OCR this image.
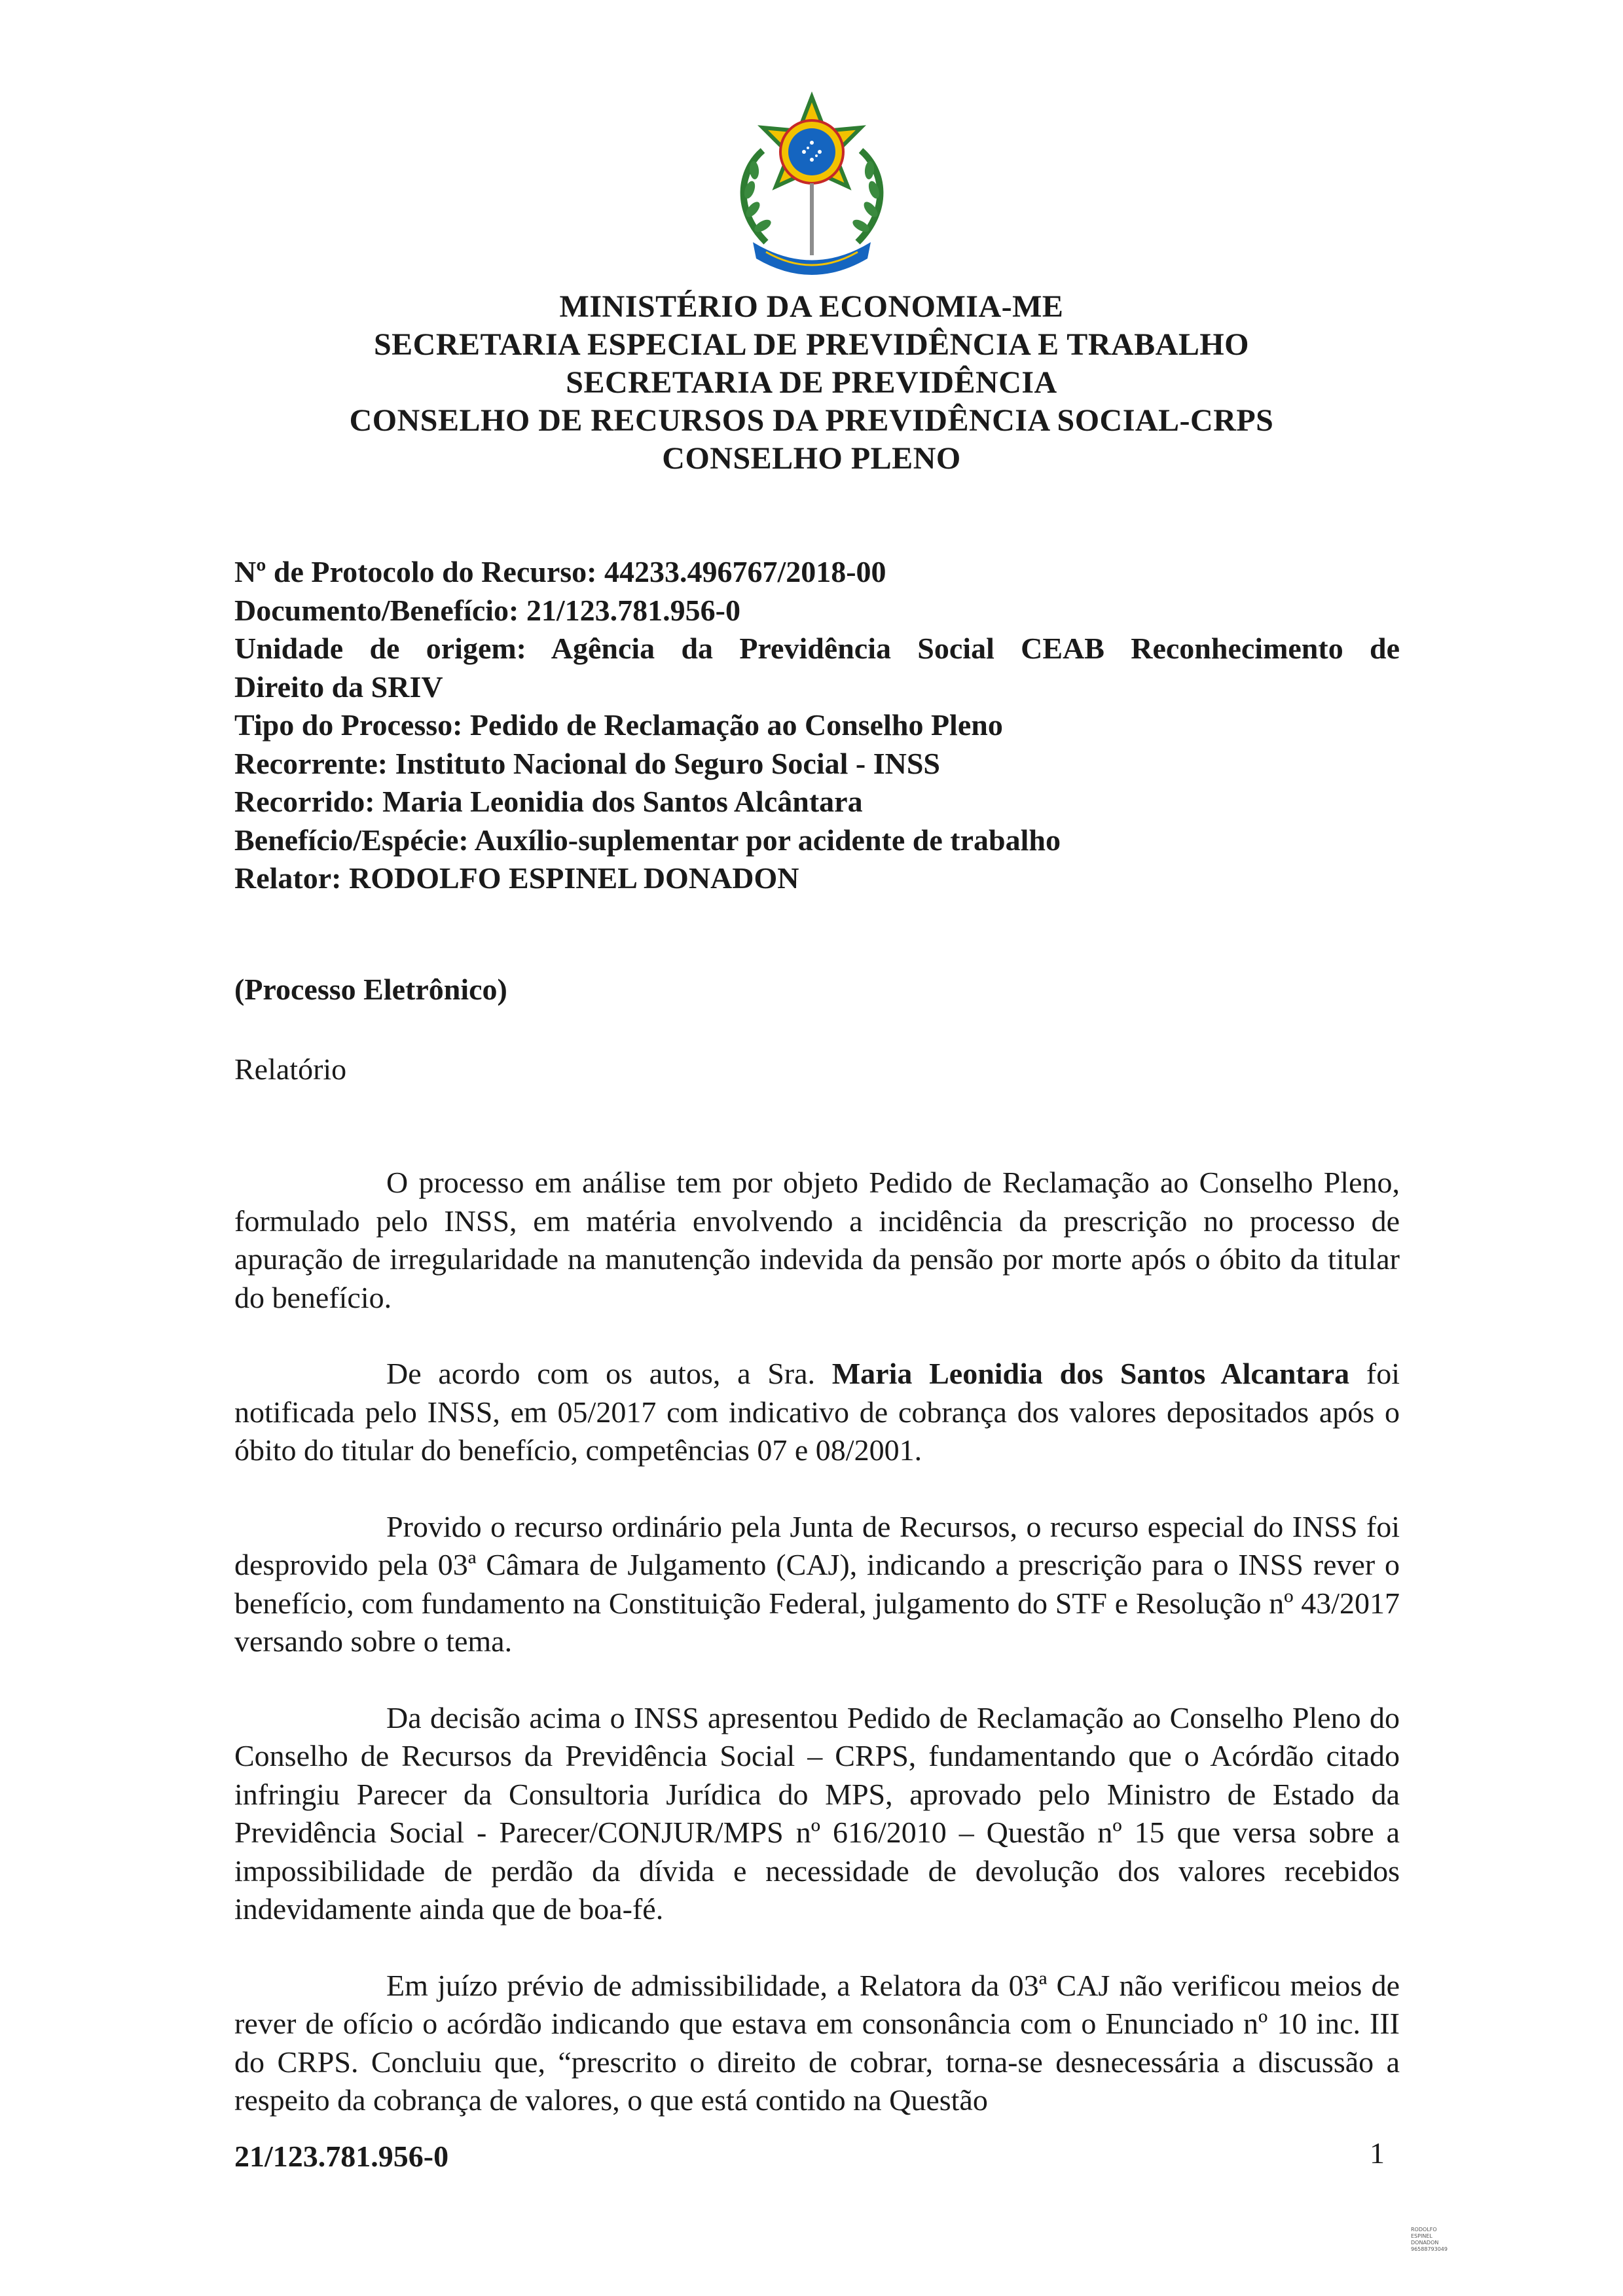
MINISTÉRIO DA ECONOMIA-ME
SECRETARIA ESPECIAL DE PREVIDÊNCIA E TRABALHO
SECRETARIA DE PREVIDÊNCIA
CONSELHO DE RECURSOS DA PREVIDÊNCIA SOCIAL-CRPS
CONSELHO PLENO
Nº de Protocolo do Recurso: 44233.496767/2018-00
Documento/Benefício: 21/123.781.956-0
Unidade de origem: Agência da Previdência Social CEAB Reconhecimento de
Direito da SRIV
Tipo do Processo: Pedido de Reclamação ao Conselho Pleno
Recorrente: Instituto Nacional do Seguro Social - INSS
Recorrido: Maria Leonidia dos Santos Alcântara
Benefício/Espécie: Auxílio-suplementar por acidente de trabalho
Relator: RODOLFO ESPINEL DONADON
(Processo Eletrônico)
Relatório

O processo em análise tem por objeto Pedido de Reclamação ao Conselho Pleno, formulado pelo INSS, em matéria envolvendo a incidência da prescrição no processo de apuração de irregularidade na manutenção indevida da pensão por morte após o óbito da titular do benefício.

De acordo com os autos, a Sra. Maria Leonidia dos Santos Alcantara foi notificada pelo INSS, em 05/2017 com indicativo de cobrança dos valores depositados após o óbito do titular do benefício, competências 07 e 08/2001.

Provido o recurso ordinário pela Junta de Recursos, o recurso especial do INSS foi desprovido pela 03ª Câmara de Julgamento (CAJ), indicando a prescrição para o INSS rever o benefício, com fundamento na Constituição Federal, julgamento do STF e Resolução nº 43/2017 versando sobre o tema.

Da decisão acima o INSS apresentou Pedido de Reclamação ao Conselho Pleno do Conselho de Recursos da Previdência Social – CRPS, fundamentando que o Acórdão citado infringiu Parecer da Consultoria Jurídica do MPS, aprovado pelo Ministro de Estado da Previdência Social - Parecer/CONJUR/MPS nº 616/2010 – Questão nº 15 que versa sobre a impossibilidade de perdão da dívida e necessidade de devolução dos valores recebidos indevidamente ainda que de boa-fé.

Em juízo prévio de admissibilidade, a Relatora da 03ª CAJ não verificou meios de rever de ofício o acórdão indicando que estava em consonância com o Enunciado nº 10 inc. III do CRPS. Concluiu que, “prescrito o direito de cobrar, torna-se desnecessária a discussão a respeito da cobrança de valores, o que está contido na Questão

21/123.781.956-0	1
RODOLFO
ESPINEL
DONADON
96588793049
